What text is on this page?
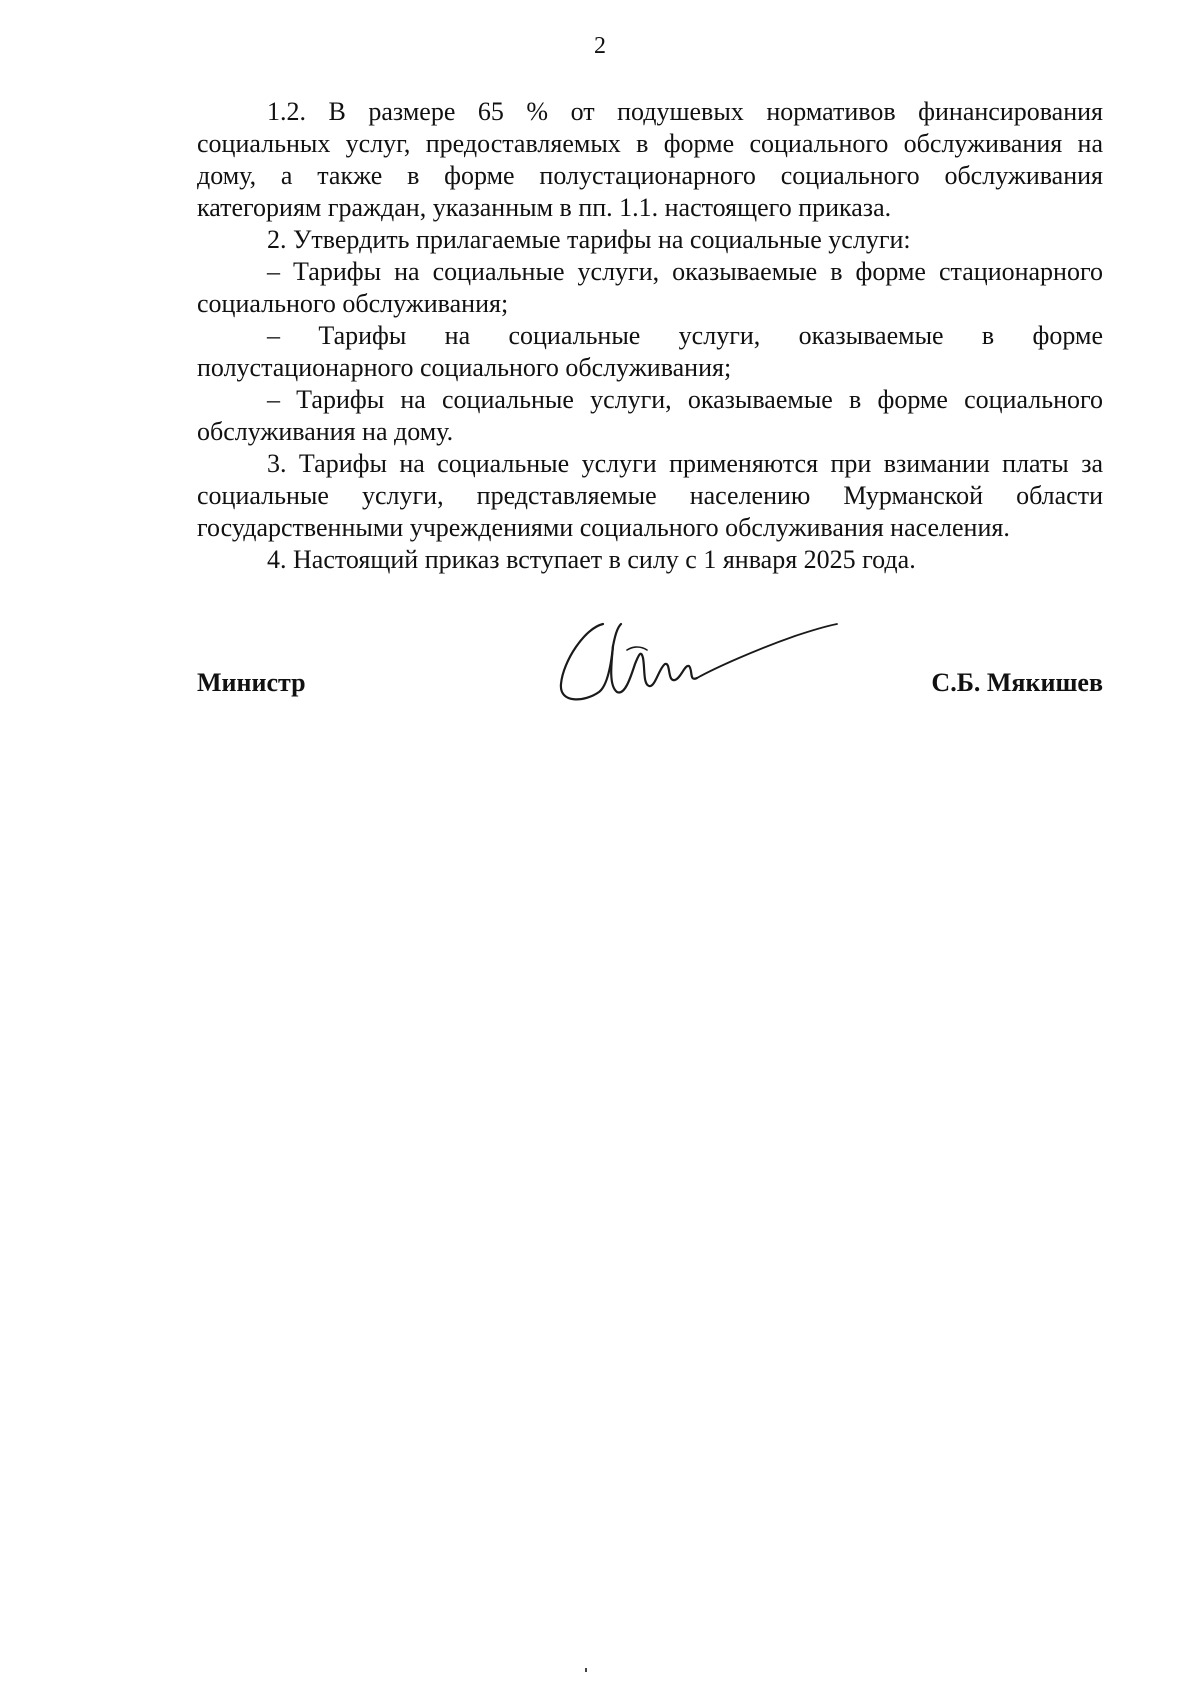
2

1.2. В размере 65 % от подушевых нормативов финансирования социальных услуг, предоставляемых в форме социального обслуживания на дому, а также в форме полустационарного социального обслуживания категориям граждан, указанным в пп. 1.1. настоящего приказа.

2. Утвердить прилагаемые тарифы на социальные услуги:

– Тарифы на социальные услуги, оказываемые в форме стационарного социального обслуживания;

– Тарифы на социальные услуги, оказываемые в форме полустационарного социального обслуживания;

– Тарифы на социальные услуги, оказываемые в форме социального обслуживания на дому.

3. Тарифы на социальные услуги применяются при взимании платы за социальные услуги, представляемые населению Мурманской области государственными учреждениями социального обслуживания населения.

4. Настоящий приказ вступает в силу с 1 января 2025 года.

Министр	С.Б. Мякишев
